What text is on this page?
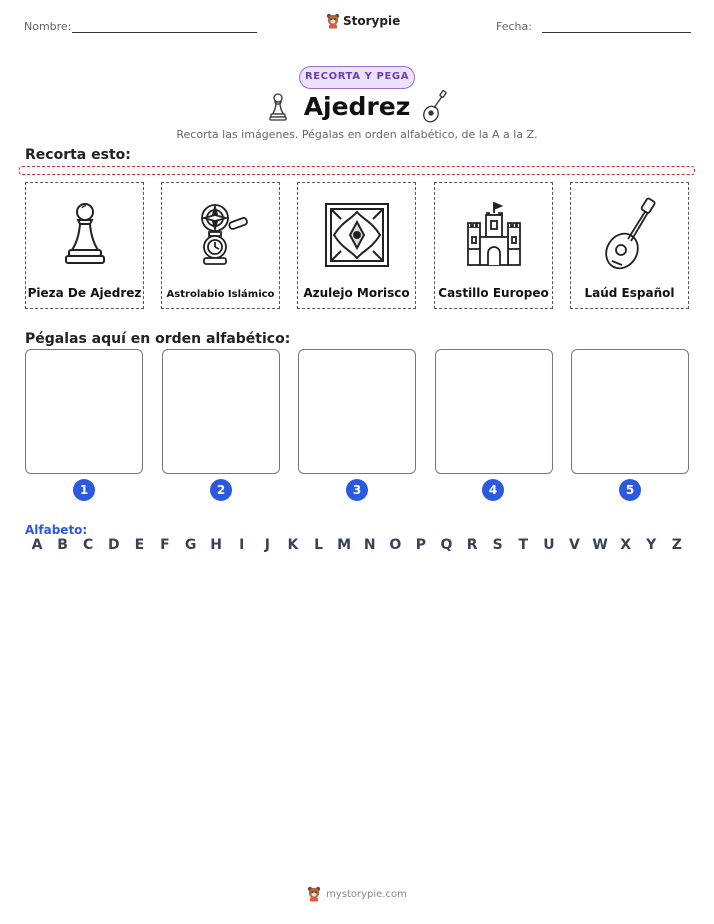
Nombre:	Storypie	Fecha:
RECORTA Y PEGA
Ajedrez
Recorta las imágenes. Pégalas en orden alfabético, de la A a la Z.
Recorta esto:
Pieza De Ajedrez	Astrolabio Islámico	Azulejo Morisco	Castillo Europeo	Laúd Español
Pégalas aquí en orden alfabético:
1	2	3	4	5
Alfabeto:
A	B	C	D	E	F	G H	I	J	K	L	M N O	P	Q	R	S	T	U	V W X	Y	Z
mystorypie.com
